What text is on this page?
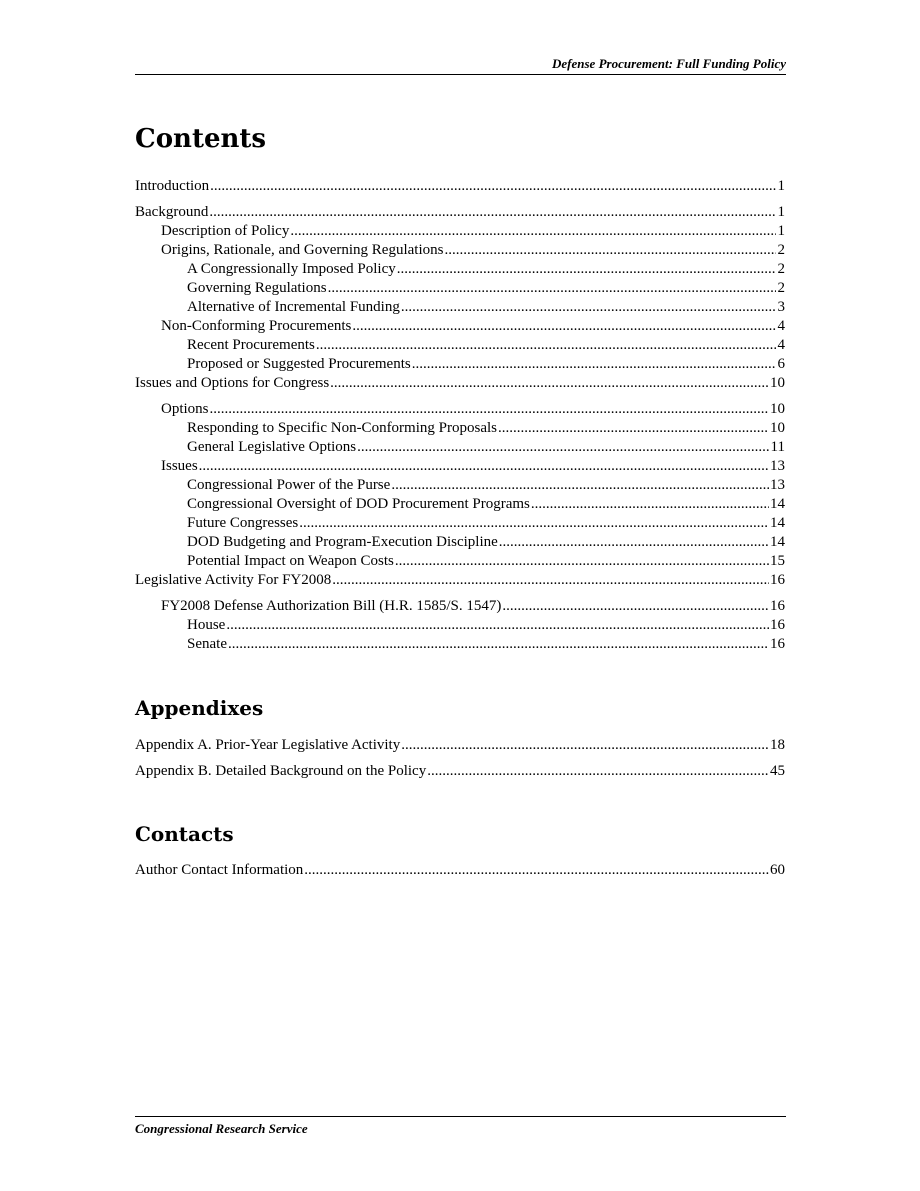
Defense Procurement: Full Funding Policy
Contents
Introduction .....	1
Background .....	1
Description of Policy .....	1
Origins, Rationale, and Governing Regulations .....	2
A Congressionally Imposed Policy .....	2
Governing Regulations .....	2
Alternative of Incremental Funding .....	3
Non-Conforming Procurements .....	4
Recent Procurements .....	4
Proposed or Suggested Procurements .....	6
Issues and Options for Congress .....	10
Options .....	10
Responding to Specific Non-Conforming Proposals .....	10
General Legislative Options .....	11
Issues .....	13
Congressional Power of the Purse .....	13
Congressional Oversight of DOD Procurement Programs .....	14
Future Congresses .....	14
DOD Budgeting and Program-Execution Discipline .....	14
Potential Impact on Weapon Costs .....	15
Legislative Activity For FY2008 .....	16
FY2008 Defense Authorization Bill (H.R. 1585/S. 1547) .....	16
House .....	16
Senate .....	16
Appendixes
Appendix A. Prior-Year Legislative Activity .....	18
Appendix B. Detailed Background on the Policy .....	45
Contacts
Author Contact Information .....	60
Congressional Research Service
